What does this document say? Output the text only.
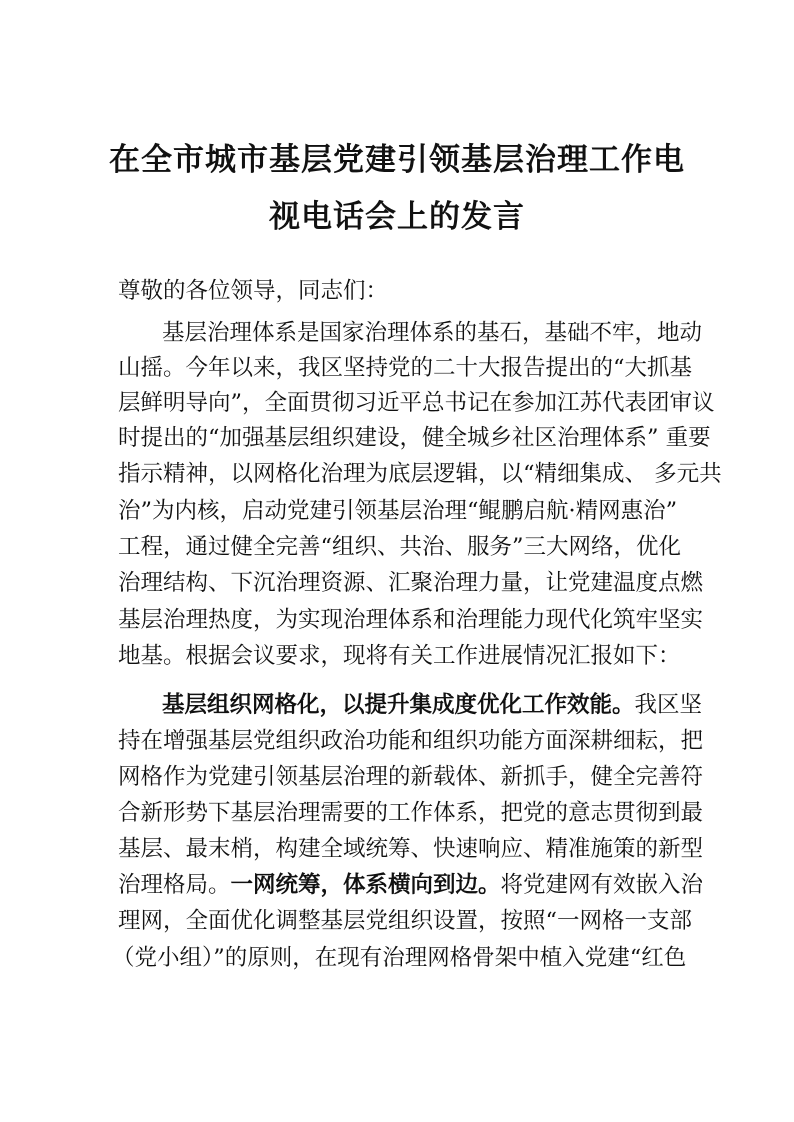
在全市城市基层党建引领基层治理工作电
视电话会上的发言
尊敬的各位领导，同志们：
基层治理体系是国家治理体系的基石，基础不牢，地动
山摇。今年以来，我区坚持党的二十大报告提出的“大抓基
层鲜明导向”，全面贯彻习近平总书记在参加江苏代表团审议
时提出的“加强基层组织建设，健全城乡社区治理体系” 重要
指示精神，以网格化治理为底层逻辑，以“精细集成、 多元共
治”为内核，启动党建引领基层治理“鲲鹏启航·精网惠治”
工程，通过健全完善“组织、共治、服务”三大网络，优化
治理结构、下沉治理资源、汇聚治理力量，让党建温度点燃
基层治理热度，为实现治理体系和治理能力现代化筑牢坚实
地基。根据会议要求，现将有关工作进展情况汇报如下：
基层组织网格化，以提升集成度优化工作效能。我区坚
持在增强基层党组织政治功能和组织功能方面深耕细耘，把
网格作为党建引领基层治理的新载体、新抓手，健全完善符
合新形势下基层治理需要的工作体系，把党的意志贯彻到最
基层、最末梢，构建全域统筹、快速响应、精准施策的新型
治理格局。一网统筹，体系横向到边。将党建网有效嵌入治
理网，全面优化调整基层党组织设置，按照“一网格一支部
（党小组）”的原则，在现有治理网格骨架中植入党建“红色
